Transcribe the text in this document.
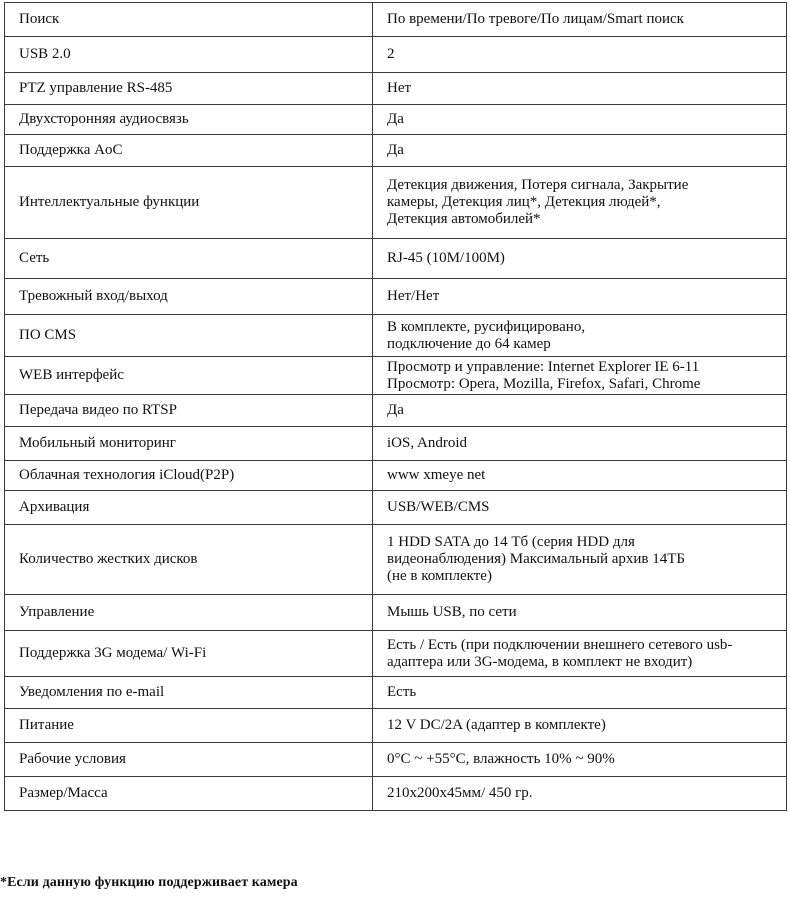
Поиск	По времени/По тревоге/По лицам/Smart поиск

USB 2.0	2

PTZ управление RS-485	Нет

Двухсторонняя аудиосвязь	Да

Поддержка AoC	Да

Интеллектуальные функции	Детекция движения, Потеря сигнала, Закрытие
камеры, Детекция лиц*, Детекция людей*,
Детекция автомобилей*

Сеть	RJ-45 (10M/100M)

Тревожный вход/выход	Нет/Нет

ПО CMS	В комплекте, русифицировано,
подключение до 64 камер

WEB интерфейс	Просмотр и управление: Internet Explorer IE 6-11
Просмотр: Opera, Mozilla, Firefox, Safari, Chrome

Передача видео по RTSP	Да

Мобильный мониторинг	iOS, Android

Облачная технология iCloud(P2P)	www xmeye net

Архивация	USB/WEB/CMS

Количество жестких дисков	1 HDD SATA до 14 Тб (серия HDD для
видеонаблюдения) Максимальный архив 14ТБ
(не в комплекте)

Управление	Мышь USB, по сети

Поддержка 3G модема/ Wi-Fi	Есть / Есть (при подключении внешнего сетевого usb-
адаптера или 3G-модема, в комплект не входит)

Уведомления по e-mail	Есть

Питание	12 V DC/2A (адаптер в комплекте)

Рабочие условия	0°C ~ +55°C, влажность 10% ~ 90%

Размер/Масса	210x200x45мм/ 450 гр.
*Если данную функцию поддерживает камера
